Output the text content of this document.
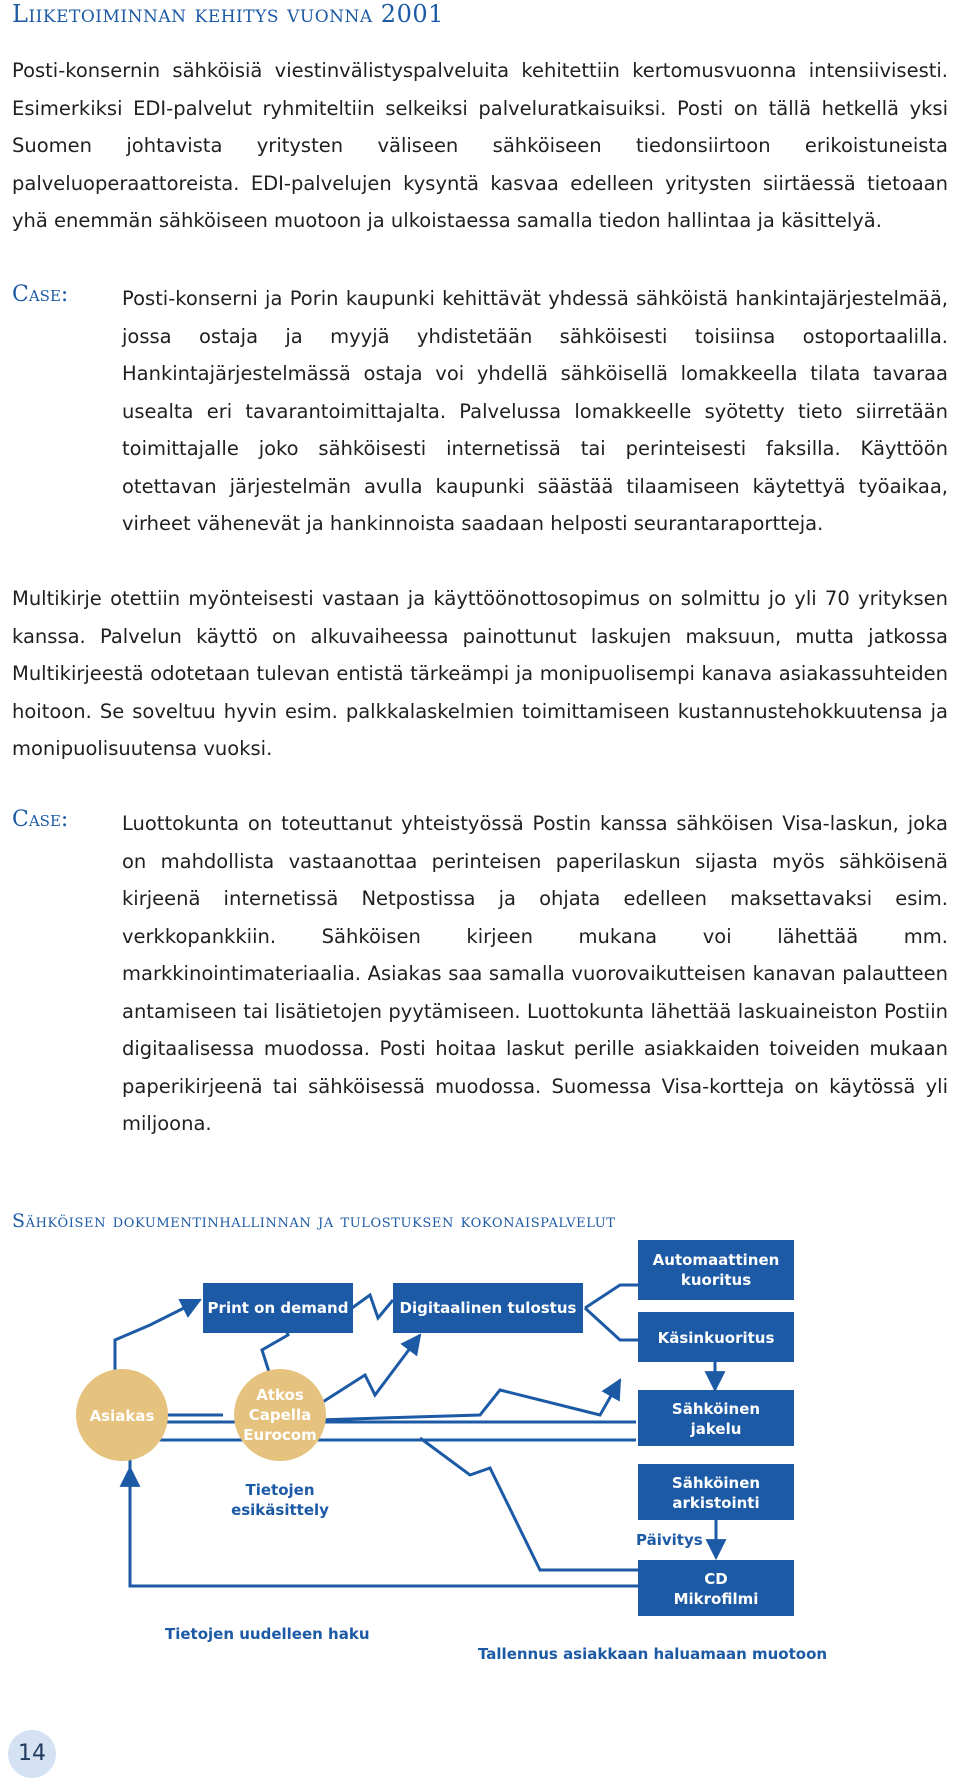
Liiketoiminnan kehitys vuonna 2001

Posti-konsernin sähköisiä viestinvälistyspalveluita kehitettiin kertomusvuonna intensiivisesti. Esimerkiksi EDI-palvelut ryhmiteltiin selkeiksi palveluratkaisuiksi. Posti on tällä hetkellä yksi Suomen johtavista yritysten väliseen sähköiseen tiedonsiirtoon erikoistuneista palveluoperaattoreista. EDI-palvelujen kysyntä kasvaa edelleen yritysten siirtäessä tietoaan yhä enemmän sähköiseen muotoon ja ulkoistaessa samalla tiedon hallintaa ja käsittelyä.

Case:	Posti-konserni ja Porin kaupunki kehittävät yhdessä sähköistä hankintajärjestelmää, jossa ostaja ja myyjä yhdistetään sähköisesti toisiinsa ostoportaalilla. Hankintajärjestelmässä ostaja voi yhdellä sähköisellä lomakkeella tilata tavaraa usealta eri tavarantoimittajalta. Palvelussa lomakkeelle syötetty tieto siirretään toimittajalle joko sähköisesti internetissä tai perinteisesti faksilla. Käyttöön otettavan järjestelmän avulla kaupunki säästää tilaamiseen käytettyä työaikaa, virheet vähenevät ja hankinnoista saadaan helposti seurantaraportteja.

Multikirje otettiin myönteisesti vastaan ja käyttöönottosopimus on solmittu jo yli 70 yrityksen kanssa. Palvelun käyttö on alkuvaiheessa painottunut laskujen maksuun, mutta jatkossa Multikirjeestä odotetaan tulevan entistä tärkeämpi ja monipuolisempi kanava asiakassuhteiden hoitoon. Se soveltuu hyvin esim. palkkalaskelmien toimittamiseen kustannustehokkuutensa ja monipuolisuutensa vuoksi.

Case:	Luottokunta on toteuttanut yhteistyössä Postin kanssa sähköisen Visa-laskun, joka on mahdollista vastaanottaa perinteisen paperilaskun sijasta myös sähköisenä kirjeenä internetissä Netpostissa ja ohjata edelleen maksettavaksi esim. verkkopankkiin. Sähköisen kirjeen mukana voi lähettää mm. markkinointimateriaalia. Asiakas saa samalla vuorovaikutteisen kanavan palautteen antamiseen tai lisätietojen pyytämiseen. Luottokunta lähettää laskuaineiston Postiin digitaalisessa muodossa. Posti hoitaa laskut perille asiakkaiden toiveiden mukaan paperikirjeenä tai sähköisessä muodossa. Suomessa Visa-kortteja on käytössä yli miljoona.

Sähköisen dokumentinhallinnan ja tulostuksen kokonaispalvelut
Automaattinen
kuoritus
Käsinkuoritus
Print on demand	Digitaalinen tulostus
Asiakas
Atkos
Capella
Eurocom
Sähköinen
jakelu
Sähköinen
arkistointi
CD
Mikrofilmi
Tietojen
esikäsittely
Päivitys
Tietojen uudelleen haku
Tallennus asiakkaan haluamaan muotoon
14
